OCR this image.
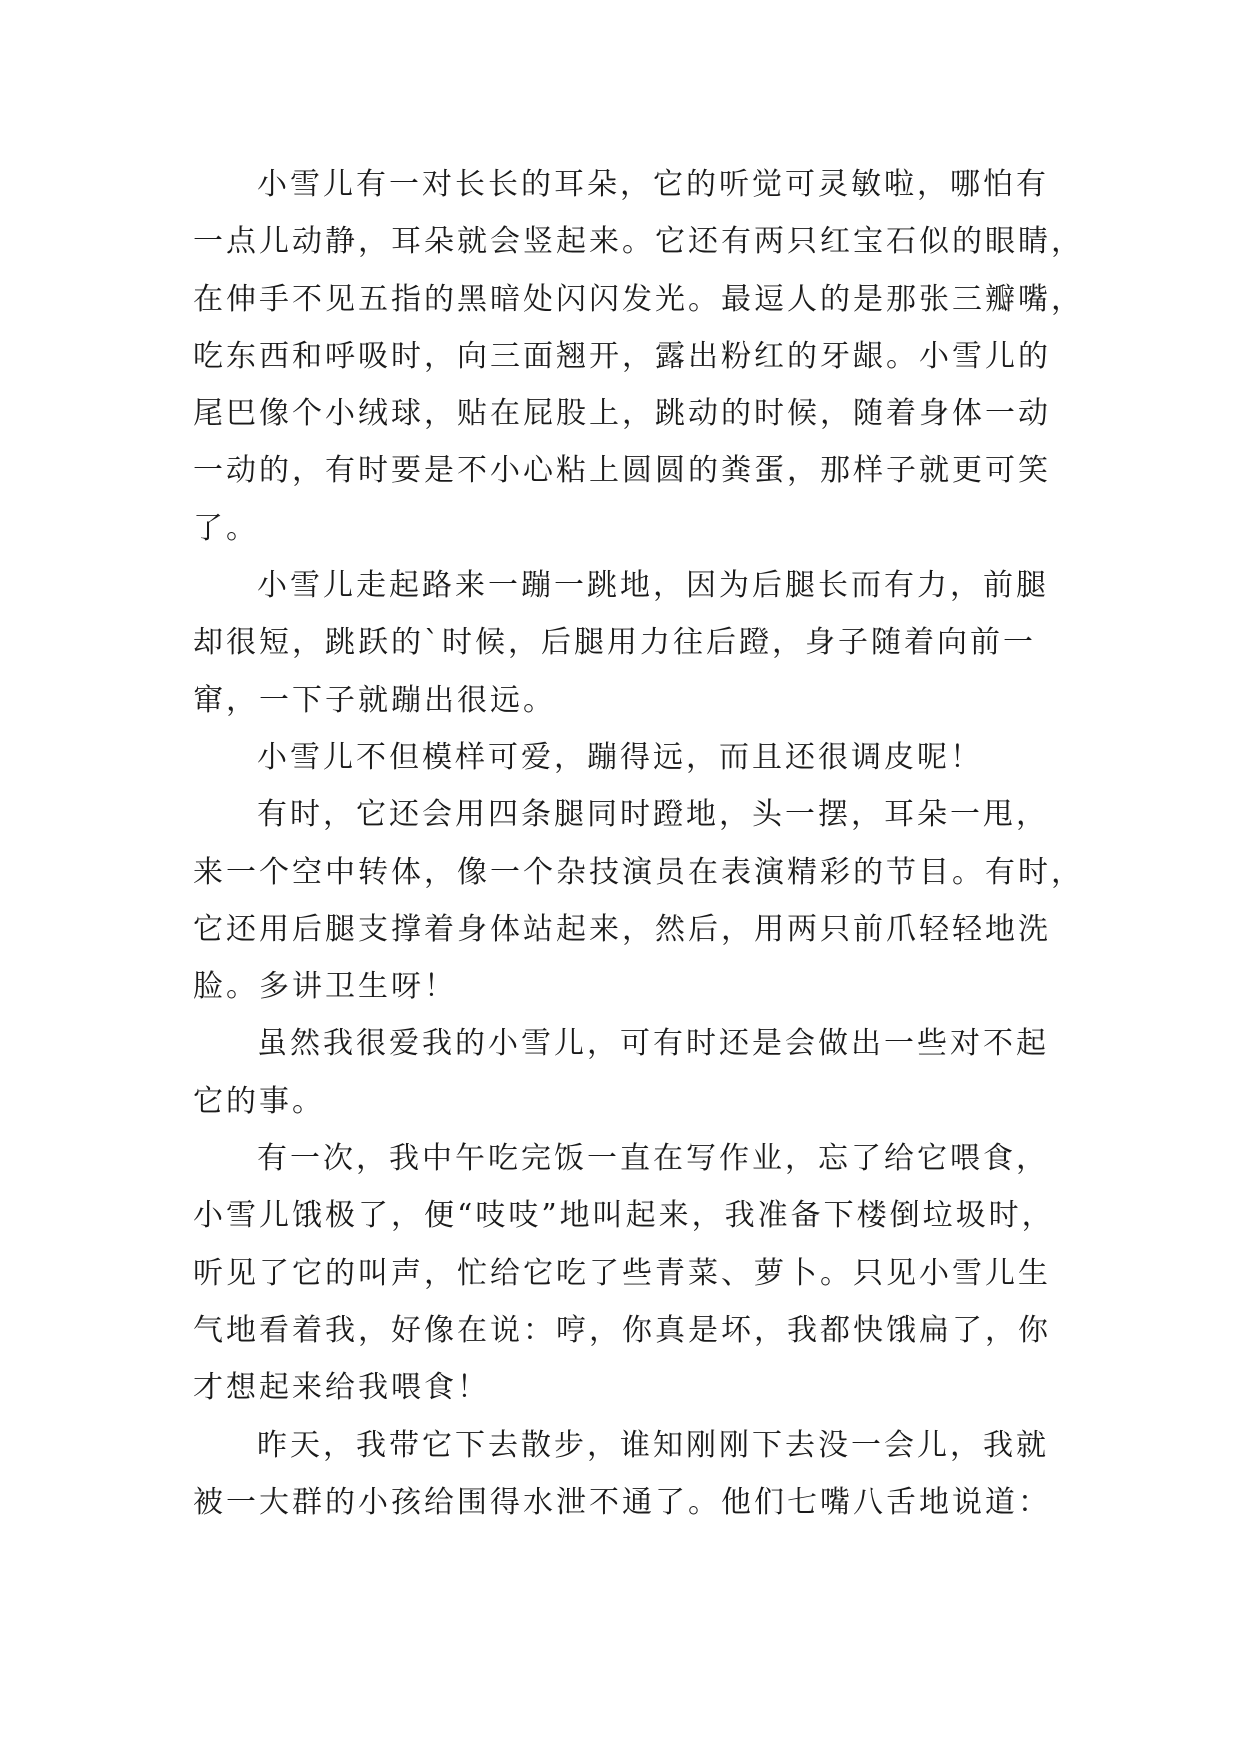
小雪儿有一对长长的耳朵，它的听觉可灵敏啦，哪怕有
一点儿动静，耳朵就会竖起来。它还有两只红宝石似的眼睛，
在伸手不见五指的黑暗处闪闪发光。最逗人的是那张三瓣嘴，
吃东西和呼吸时，向三面翘开，露出粉红的牙龈。小雪儿的
尾巴像个小绒球，贴在屁股上，跳动的时候，随着身体一动
一动的，有时要是不小心粘上圆圆的粪蛋，那样子就更可笑
了。
小雪儿走起路来一蹦一跳地，因为后腿长而有力，前腿
却很短，跳跃的`时候，后腿用力往后蹬，身子随着向前一
窜，一下子就蹦出很远。
小雪儿不但模样可爱，蹦得远，而且还很调皮呢！
有时，它还会用四条腿同时蹬地，头一摆，耳朵一甩，
来一个空中转体，像一个杂技演员在表演精彩的节目。有时，
它还用后腿支撑着身体站起来，然后，用两只前爪轻轻地洗
脸。多讲卫生呀！
虽然我很爱我的小雪儿，可有时还是会做出一些对不起
它的事。
有一次，我中午吃完饭一直在写作业，忘了给它喂食，
小雪儿饿极了，便“吱吱”地叫起来，我准备下楼倒垃圾时，
听见了它的叫声，忙给它吃了些青菜、萝卜。只见小雪儿生
气地看着我，好像在说：哼，你真是坏，我都快饿扁了，你
才想起来给我喂食！
昨天，我带它下去散步，谁知刚刚下去没一会儿，我就
被一大群的小孩给围得水泄不通了。他们七嘴八舌地说道：
